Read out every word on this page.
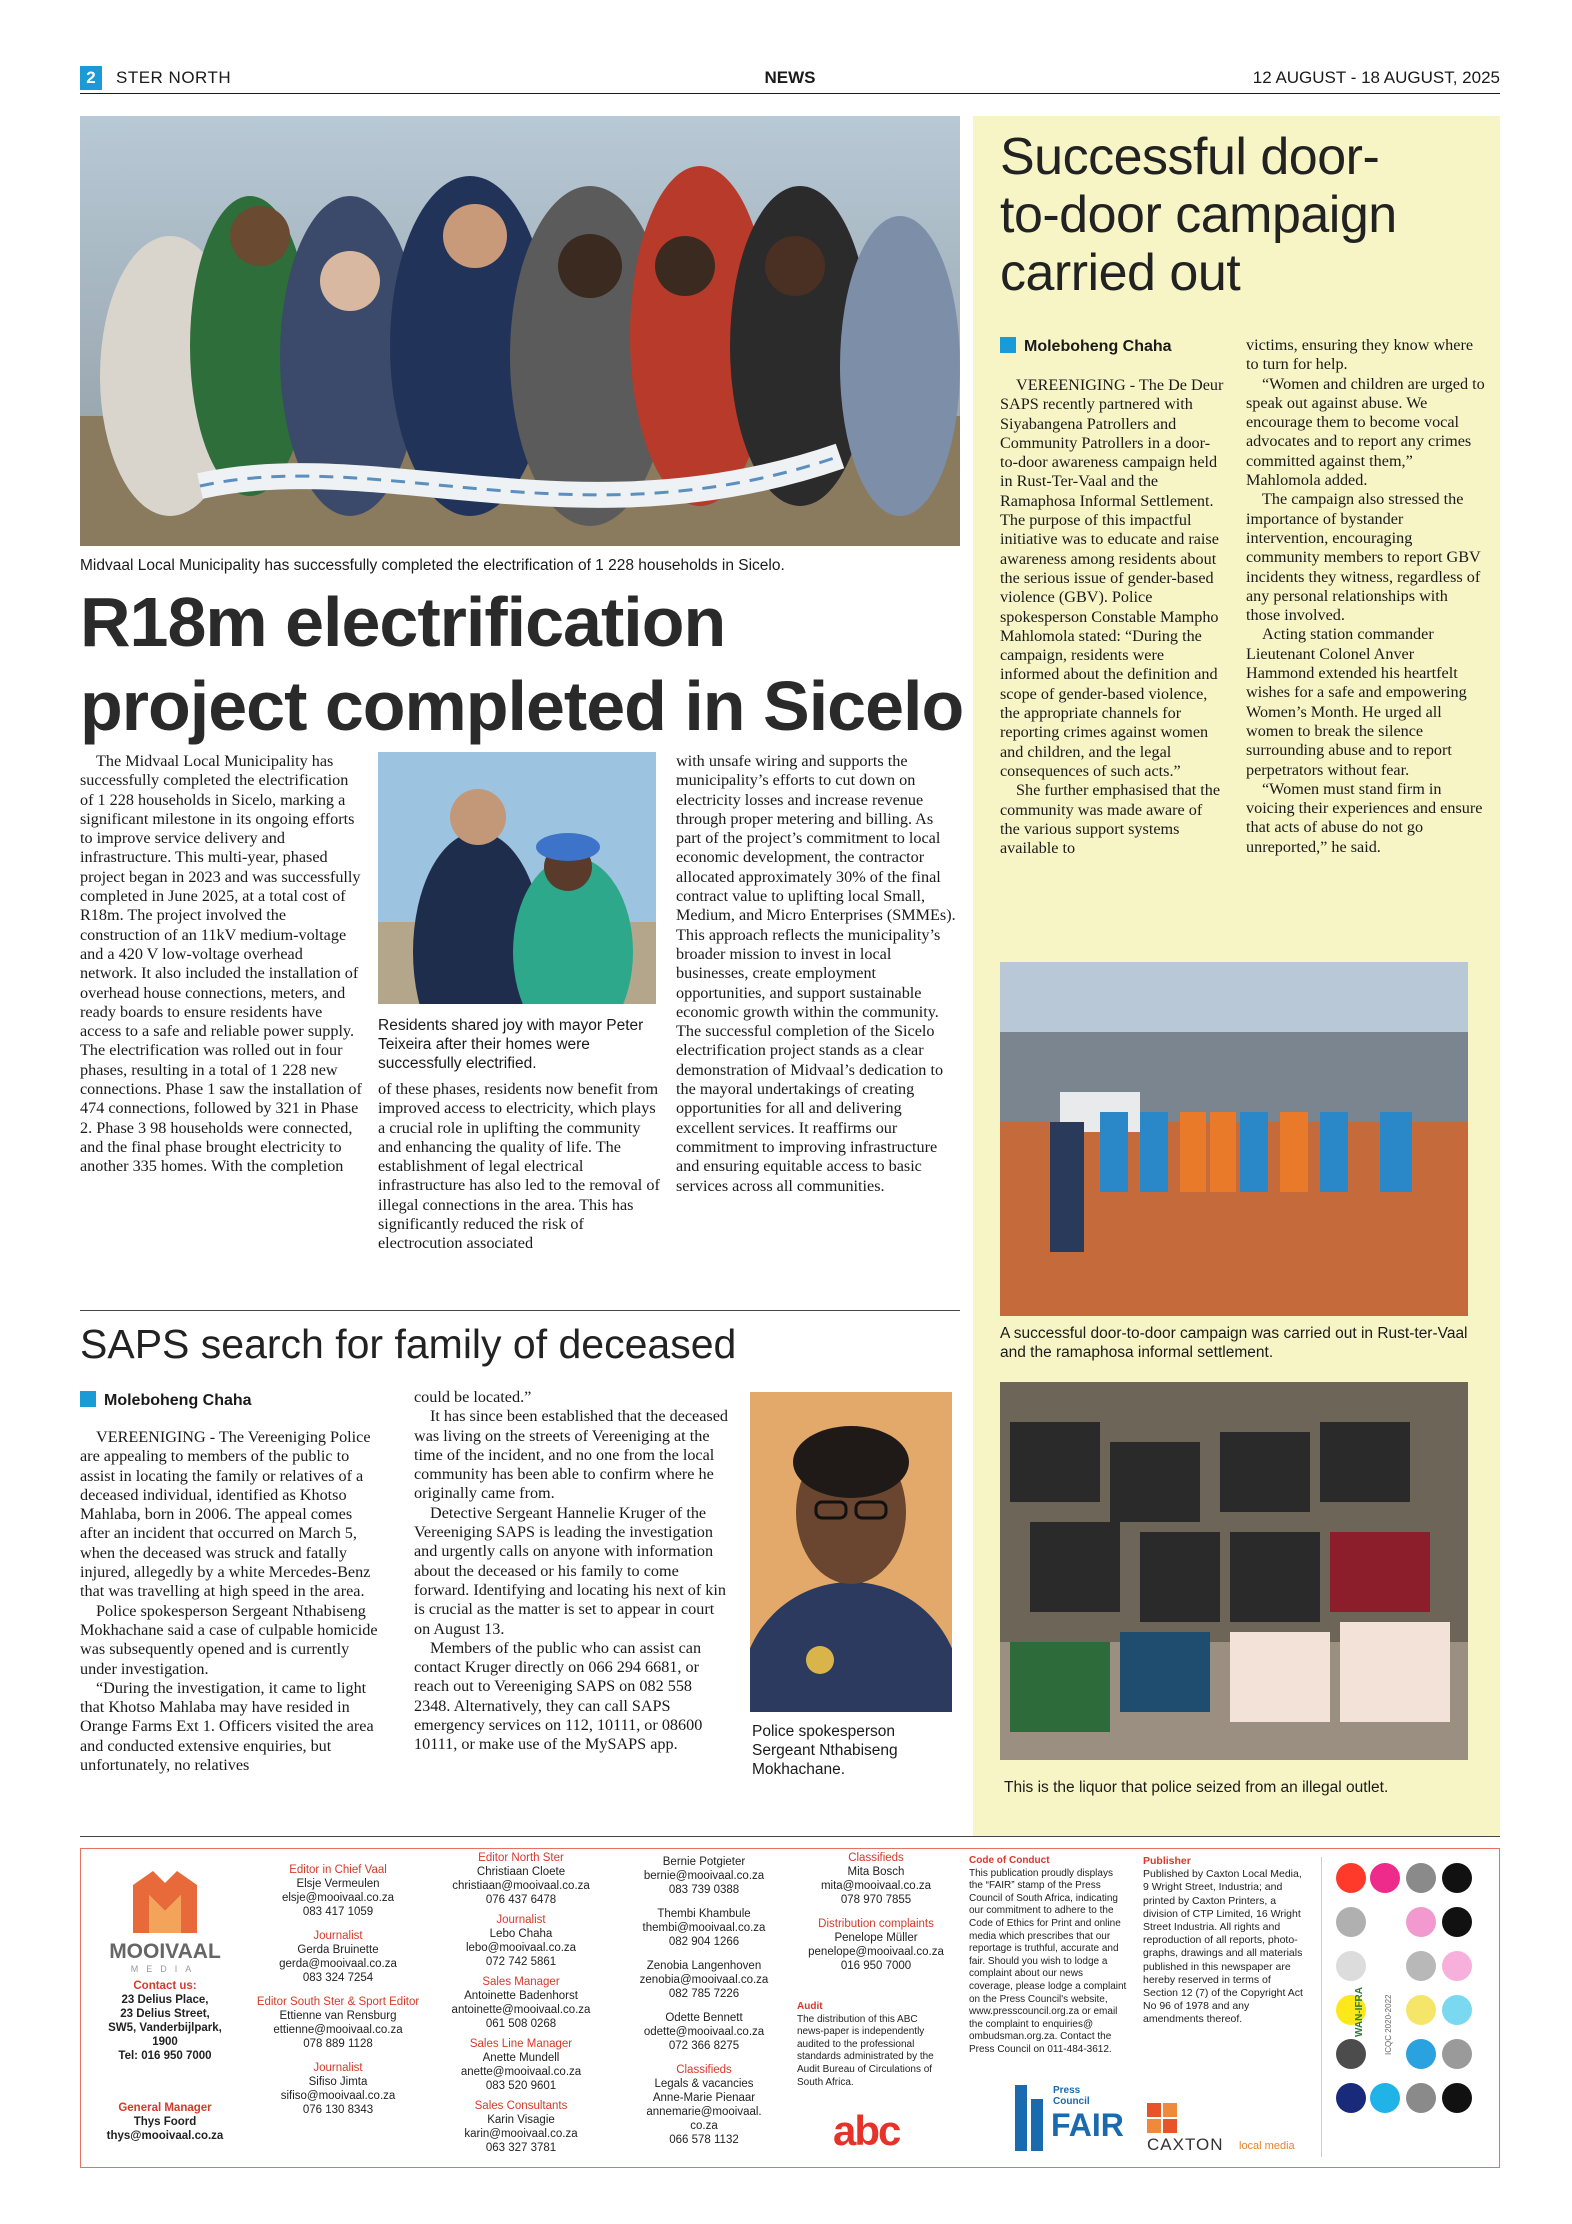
2	STER NORTH	NEWS	12 AUGUST - 18 AUGUST, 2025
Midvaal Local Municipality has successfully completed the electrification of 1 228 households in Sicelo.
R18m electrification
project completed in Sicelo

The Midvaal Local Municipality has successfully completed the electrification of 1 228 households in Sicelo, marking a significant milestone in its ongoing efforts to improve service delivery and infrastructure. This multi-year, phased project began in 2023 and was successfully completed in June 2025, at a total cost of R18m. The project involved the construction of an 11kV medium-voltage and a 420 V low-voltage overhead network. It also included the installation of overhead house connections, meters, and ready boards to ensure residents have access to a safe and reliable power supply. The electrification was rolled out in four phases, resulting in a total of 1 228 new connections. Phase 1 saw the installation of 474 connections, followed by 321 in Phase 2. Phase 3 98 households were connected, and the final phase brought electricity to another 335 homes. With the completion

Residents shared joy with mayor Peter Teixeira after their homes were successfully electrified.

of these phases, residents now benefit from improved access to electricity, which plays a crucial role in uplifting the community and enhancing the quality of life. The establishment of legal electrical infrastructure has also led to the removal of illegal connections in the area. This has significantly reduced the risk of electrocution associated

with unsafe wiring and supports the municipality’s efforts to cut down on electricity losses and increase revenue through proper metering and billing. As part of the project’s commitment to local economic development, the contractor allocated approximately 30% of the final contract value to uplifting local Small, Medium, and Micro Enterprises (SMMEs). This approach reflects the municipality’s broader mission to invest in local businesses, create employment opportunities, and support sustainable economic growth within the community. The successful completion of the Sicelo electrification project stands as a clear demonstration of Midvaal’s dedication to the mayoral undertakings of creating opportunities for all and delivering excellent services. It reaffirms our commitment to improving infrastructure and ensuring equitable access to basic services across all communities.

Successful door-
to-door campaign
carried out
Moleboheng Chaha

VEREENIGING - The De Deur SAPS recently partnered with Siyabangena Patrollers and Community Patrollers in a door-to-door awareness campaign held in Rust-Ter-Vaal and the Ramaphosa Informal Settlement. The purpose of this impactful initiative was to educate and raise awareness among residents about the serious issue of gender-based violence (GBV). Police spokesperson Constable Mampho Mahlomola stated: “During the campaign, residents were informed about the definition and scope of gender-based violence, the appropriate channels for reporting crimes against women and children, and the legal consequences of such acts.”

She further emphasised that the community was made aware of the various support systems available to

victims, ensuring they know where to turn for help.

“Women and children are urged to speak out against abuse. We encourage them to become vocal advocates and to report any crimes committed against them,” Mahlomola added.

The campaign also stressed the importance of bystander intervention, encouraging community members to report GBV incidents they witness, regardless of any personal relationships with those involved.

Acting station commander Lieutenant Colonel Anver Hammond extended his heartfelt wishes for a safe and empowering Women’s Month. He urged all women to break the silence surrounding abuse and to report perpetrators without fear.

“Women must stand firm in voicing their experiences and ensure that acts of abuse do not go unreported,” he said.

A successful door-to-door campaign was carried out in Rust-ter-Vaal and the ramaphosa informal settlement.
This is the liquor that police seized from an illegal outlet.
SAPS search for family of deceased
Moleboheng Chaha

VEREENIGING - The Vereeniging Police are appealing to members of the public to assist in locating the family or relatives of a deceased individual, identified as Khotso Mahlaba, born in 2006. The appeal comes after an incident that occurred on March 5, when the deceased was struck and fatally injured, allegedly by a white Mercedes-Benz that was travelling at high speed in the area.

Police spokesperson Sergeant Nthabiseng Mokhachane said a case of culpable homicide was subsequently opened and is currently under investigation.

“During the investigation, it came to light that Khotso Mahlaba may have resided in Orange Farms Ext 1. Officers visited the area and conducted extensive enquiries, but unfortunately, no relatives

could be located.”

It has since been established that the deceased was living on the streets of Vereeniging at the time of the incident, and no one from the local community has been able to confirm where he originally came from.

Detective Sergeant Hannelie Kruger of the Vereeniging SAPS is leading the investigation and urgently calls on anyone with information about the deceased or his family to come forward. Identifying and locating his next of kin is crucial as the matter is set to appear in court on August 13.

Members of the public who can assist can contact Kruger directly on 066 294 6681, or reach out to Vereeniging SAPS on 082 558 2348. Alternatively, they can call SAPS emergency services on 112, 10111, or 08600 10111, or make use of the MySAPS app.

Police spokesperson Sergeant Nthabiseng Mokhachane.
MOOIVAAL
MEDIA
Contact us:
23 Delius Place,
23 Delius Street,
SW5, Vanderbijlpark,
1900
Tel: 016 950 7000
General Manager
Thys Foord
thys@mooivaal.co.za
Editor in Chief Vaal
Elsje Vermeulen
elsje@mooivaal.co.za
083 417 1059
Journalist
Gerda Bruinette
gerda@mooivaal.co.za
083 324 7254
Editor South Ster & Sport Editor
Ettienne van Rensburg
ettienne@mooivaal.co.za
078 889 1128
Journalist
Sifiso Jimta
sifiso@mooivaal.co.za
076 130 8343
Editor North Ster
Christiaan Cloete
christiaan@mooivaal.co.za
076 437 6478
Journalist
Lebo Chaha
lebo@mooivaal.co.za
072 742 5861
Sales Manager
Antoinette Badenhorst
antoinette@mooivaal.co.za
061 508 0268
Sales Line Manager
Anette Mundell
anette@mooivaal.co.za
083 520 9601
Sales Consultants
Karin Visagie
karin@mooivaal.co.za
063 327 3781
Bernie Potgieter
bernie@mooivaal.co.za
083 739 0388
Thembi Khambule
thembi@mooivaal.co.za
082 904 1266
Zenobia Langenhoven
zenobia@mooivaal.co.za
082 785 7226
Odette Bennett
odette@mooivaal.co.za
072 366 8275
Classifieds
Legals & vacancies
Anne-Marie Pienaar
annemarie@mooivaal.
co.za
066 578 1132
Classifieds
Mita Bosch
mita@mooivaal.co.za
078 970 7855
Distribution complaints
Penelope Müller
penelope@mooivaal.co.za
016 950 7000
Audit
The distribution of this ABC news-paper is independently audited to the professional standards administrated by the Audit Bureau of Circulations of South Africa.
abc
Code of Conduct
This publication proudly displays the “FAIR” stamp of the Press Council of South Africa, indicating our commitment to adhere to the Code of Ethics for Print and online media which prescribes that our reportage is truthful, accurate and fair. Should you wish to lodge a complaint about our news coverage, please lodge a complaint on the Press Council's website, www.presscouncil.org.za or email the complaint to enquiries@ ombudsman.org.za. Contact the Press Council on 011-484-3612.
Press
Council
FAIR
Publisher
Published by Caxton Local Media, 9 Wright Street, Industria; and printed by Caxton Printers, a division of CTP Limited, 16 Wright Street Industria. All rights and reproduction of all reports, photo-graphs, drawings and all materials published in this newspaper are hereby reserved in terms of Section 12 (7) of the Copyright Act No 96 of 1978 and any amendments thereof.
CAXTON local media
WAN-IFRA ICQC 2020-2022
